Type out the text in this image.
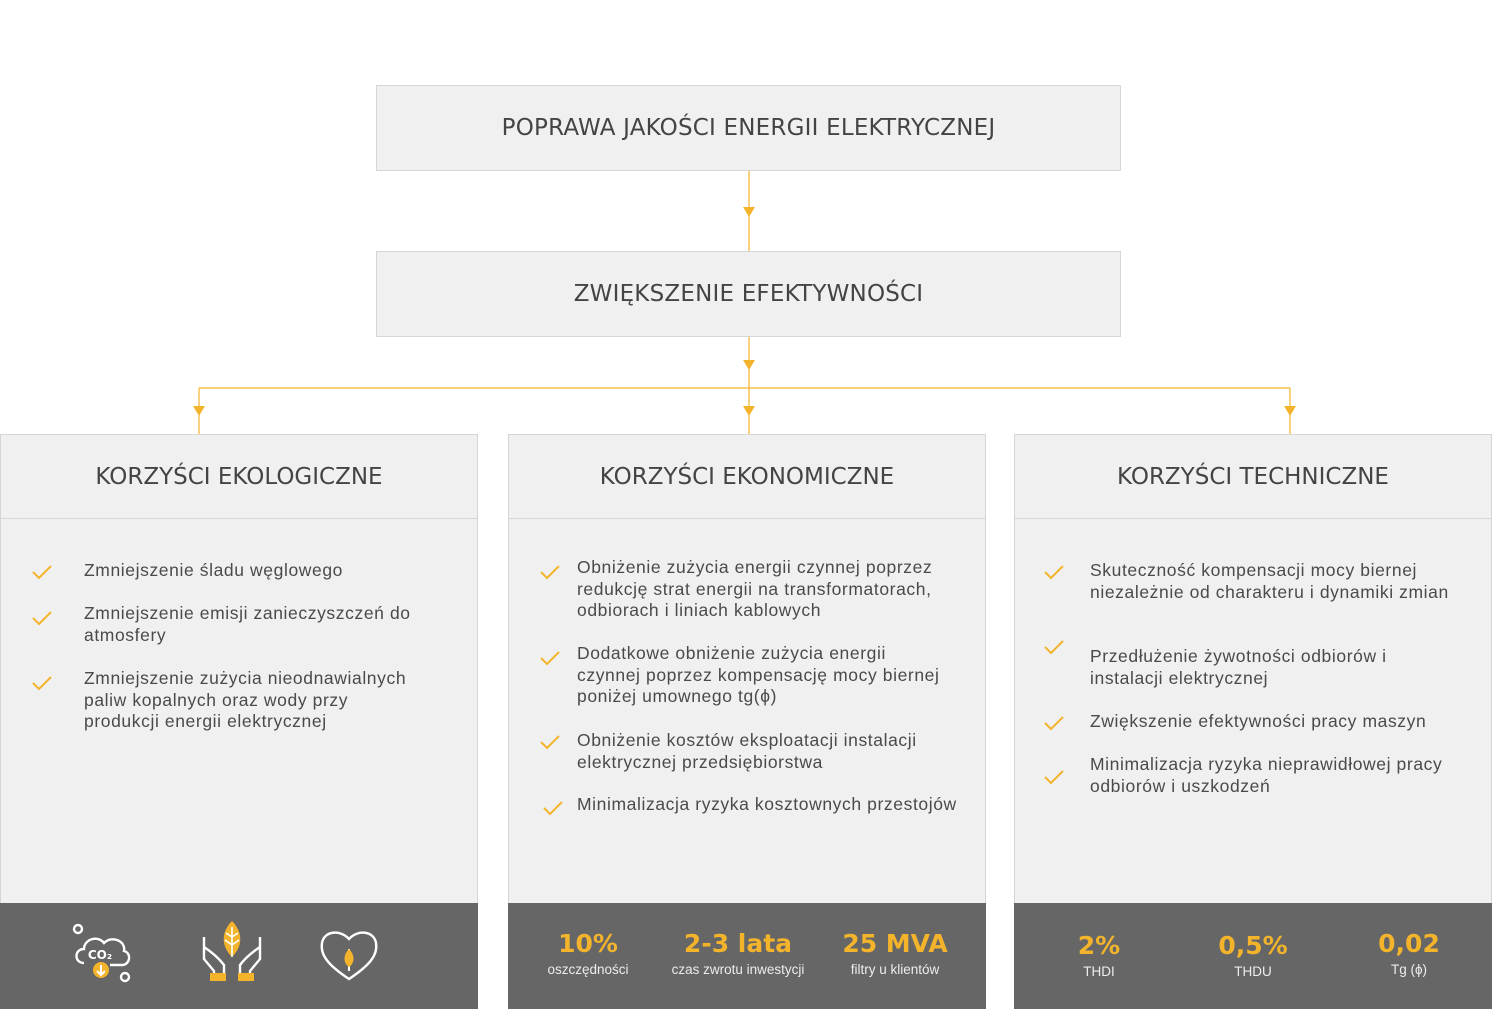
POPRAWA JAKOŚCI ENERGII ELEKTRYCZNEJ
ZWIĘKSZENIE EFEKTYWNOŚCI
KORZYŚCI EKOLOGICZNE
Zmniejszenie śladu węglowego
Zmniejszenie emisji zanieczyszczeń do atmosfery
Zmniejszenie zużycia nieodnawialnych paliw kopalnych oraz wody przy produkcji energii elektrycznej
CO₂
KORZYŚCI EKONOMICZNE
Obniżenie zużycia energii czynnej poprzez redukcję strat energii na transformatorach, odbiorach i liniach kablowych
Dodatkowe obniżenie zużycia energii czynnej poprzez kompensację mocy biernej poniżej umownego tg(ϕ)
Obniżenie kosztów eksploatacji instalacji elektrycznej przedsiębiorstwa
Minimalizacja ryzyka kosztownych przestojów
10%
oszczędności
2-3 lata
czas zwrotu inwestycji
25 MVA
filtry u klientów
KORZYŚCI TECHNICZNE
Skuteczność kompensacji mocy biernej niezależnie od charakteru i dynamiki zmian
Przedłużenie żywotności odbiorów i instalacji elektrycznej
Zwiększenie efektywności pracy maszyn
Minimalizacja ryzyka nieprawidłowej pracy odbiorów i uszkodzeń
2%
THDI
0,5%
THDU
0,02
Tg (ϕ)
